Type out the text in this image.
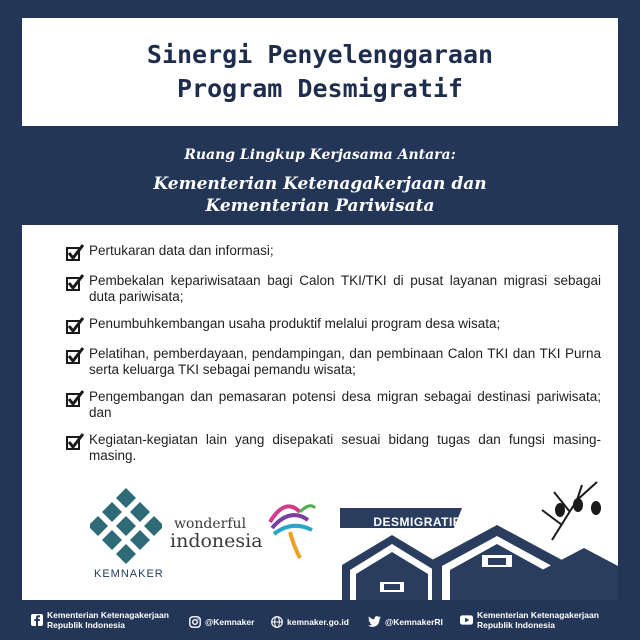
Sinergi Penyelenggaraan
Program Desmigratif
Ruang Lingkup Kerjasama Antara:
Kementerian Ketenagakerjaan dan
Kementerian Pariwisata
Pertukaran data dan informasi;
Pembekalan kepariwisataan bagi Calon TKI/TKI di pusat layanan migrasi sebagai duta pariwisata;
Penumbuhkembangan usaha produktif melalui program desa wisata;
Pelatihan, pemberdayaan, pendampingan, dan pembinaan Calon TKI dan TKI Purna serta keluarga TKI sebagai pemandu wisata;
Pengembangan dan pemasaran potensi desa migran sebagai destinasi pariwisata; dan
Kegiatan-kegiatan lain yang disepakati sesuai bidang tugas dan fungsi masing-masing.
KEMNAKER
wonderful
indonesia
DESMIGRATIF
Kementerian Ketenagakerjaan
Republik Indonesia	@Kemnaker	kemnaker.go.id	@KemnakerRI
Kementerian Ketenagakerjaan
Republik Indonesia
